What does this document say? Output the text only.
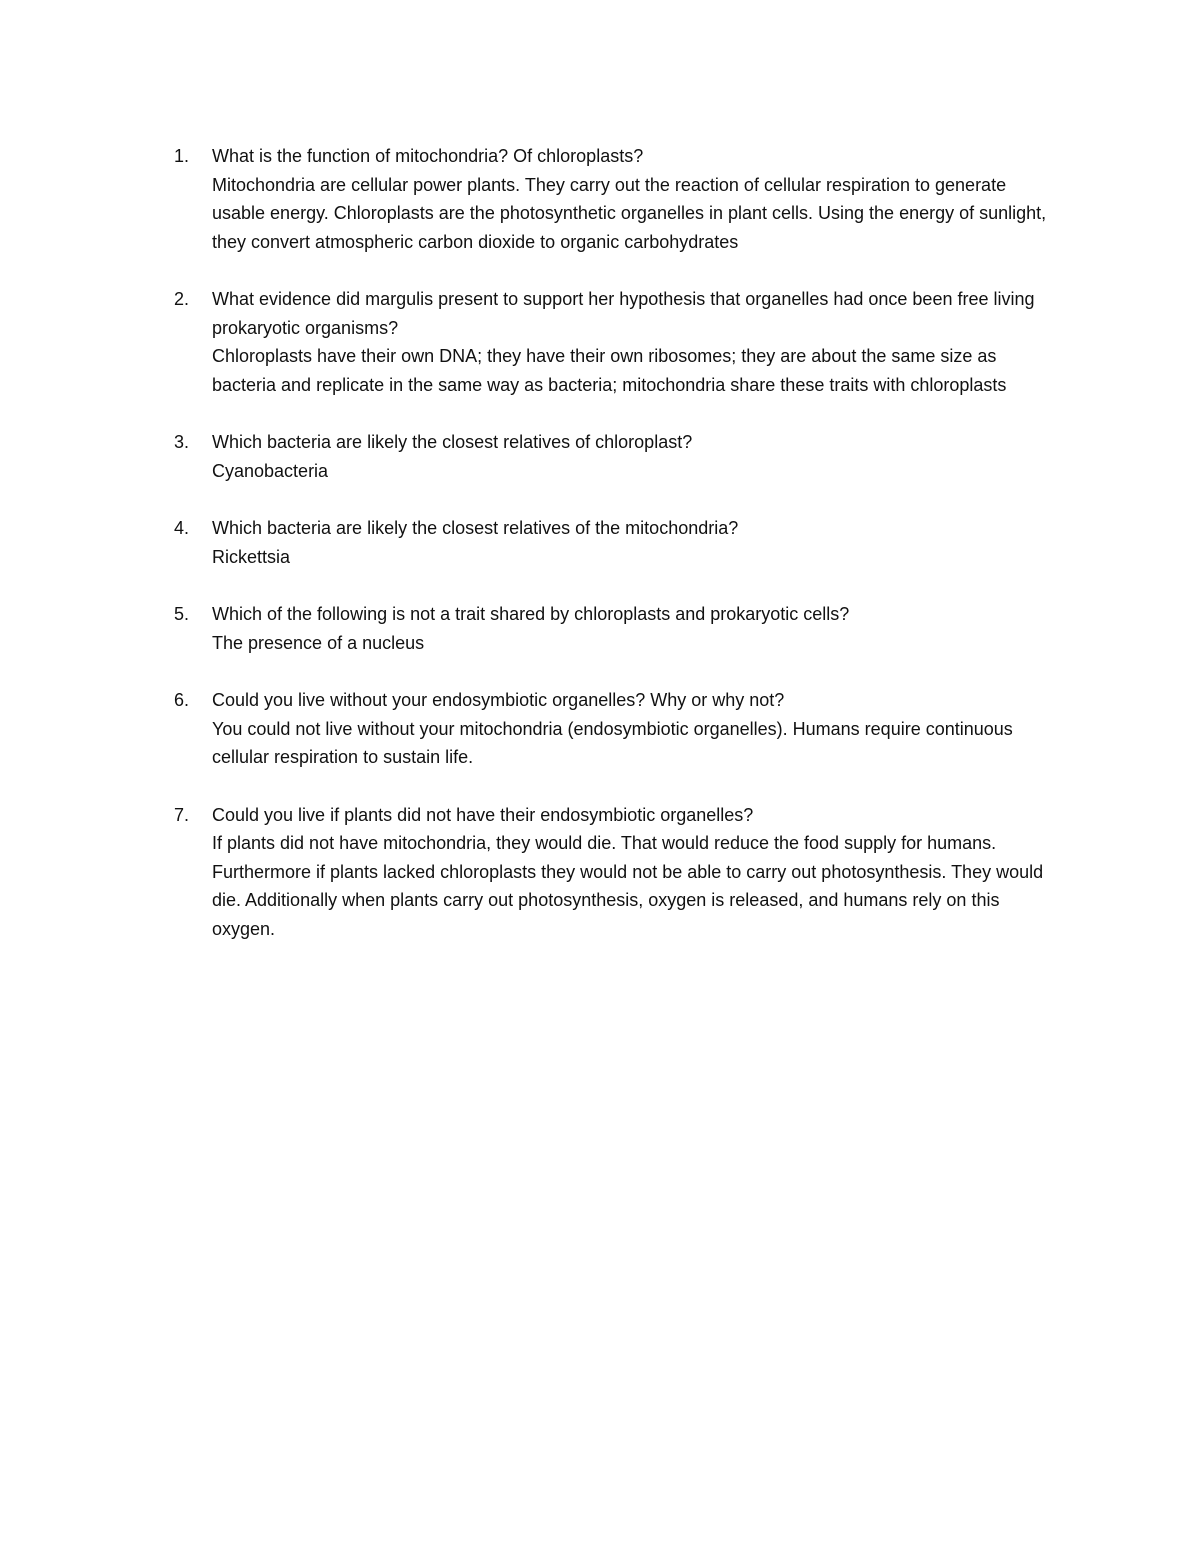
1. What is the function of mitochondria? Of chloroplasts?
Mitochondria are cellular power plants. They carry out the reaction of cellular respiration to generate usable energy. Chloroplasts are the photosynthetic organelles in plant cells. Using the energy of sunlight, they convert atmospheric carbon dioxide to organic carbohydrates
2. What evidence did margulis present to support her hypothesis that organelles had once been free living prokaryotic organisms?
Chloroplasts have their own DNA; they have their own ribosomes; they are about the same size as bacteria and replicate in the same way as bacteria; mitochondria share these traits with chloroplasts
3. Which bacteria are likely the closest relatives of chloroplast?
Cyanobacteria
4. Which bacteria are likely the closest relatives of the mitochondria?
Rickettsia
5. Which of the following is not a trait shared by chloroplasts and prokaryotic cells?
The presence of a nucleus
6. Could you live without your endosymbiotic organelles? Why or why not?
You could not live without your mitochondria (endosymbiotic organelles). Humans require continuous cellular respiration to sustain life.
7. Could you live if plants did not have their endosymbiotic organelles?
If plants did not have mitochondria, they would die. That would reduce the food supply for humans. Furthermore if plants lacked chloroplasts they would not be able to carry out photosynthesis. They would die. Additionally when plants carry out photosynthesis, oxygen is released, and humans rely on this oxygen.
